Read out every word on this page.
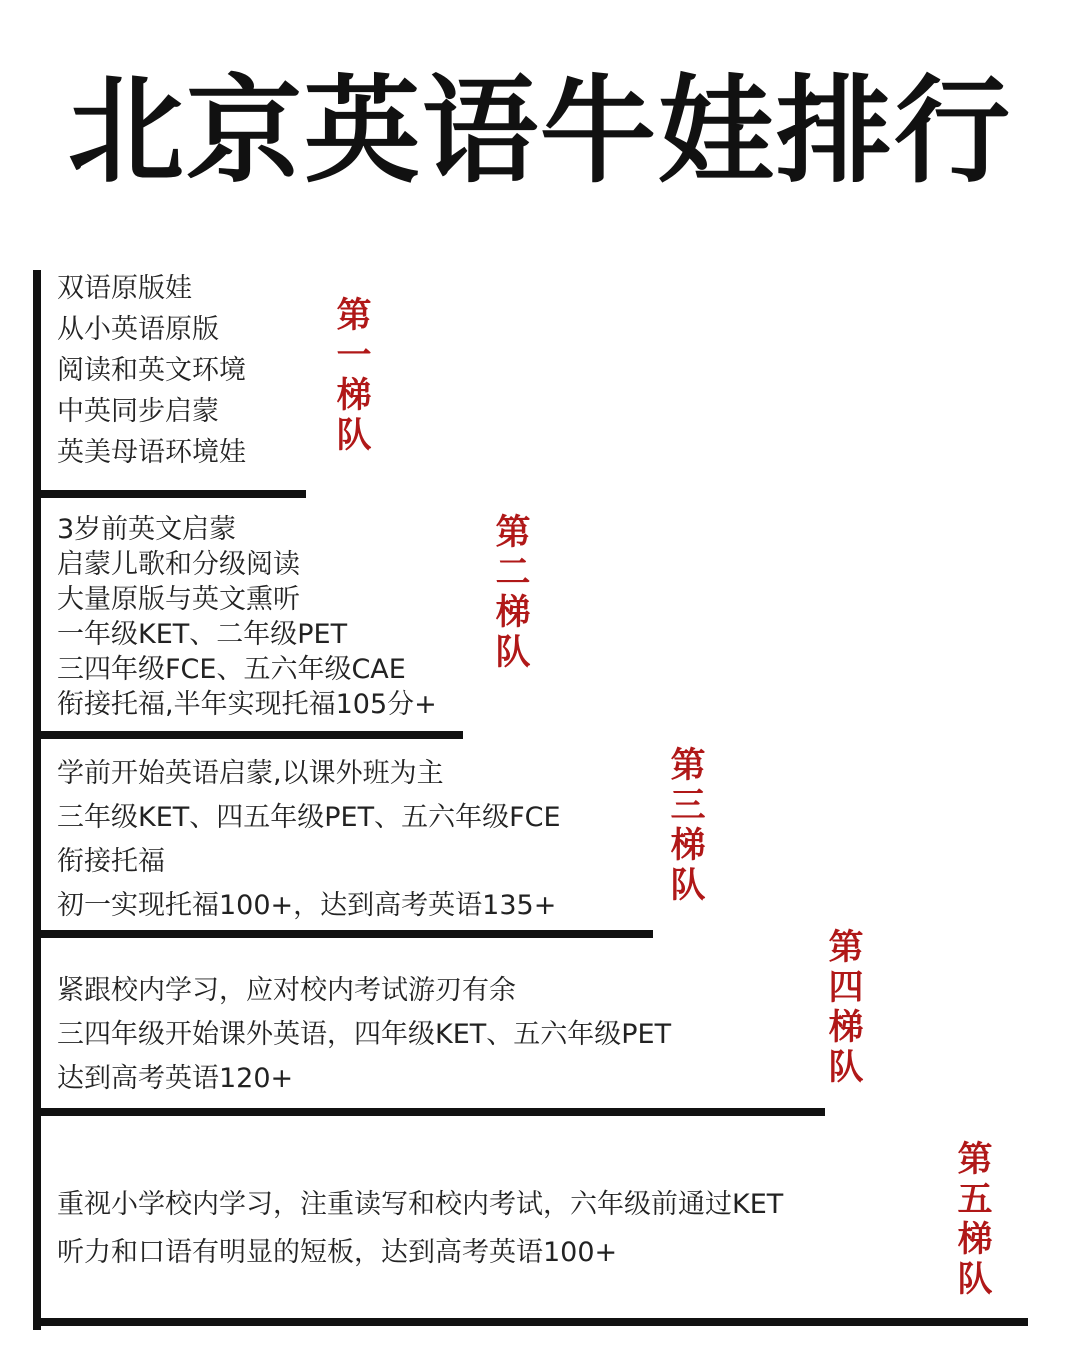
北京英语牛娃排行
双语原版娃
从小英语原版
阅读和英文环境
中英同步启蒙
英美母语环境娃
第
一
梯
队
3岁前英文启蒙
启蒙儿歌和分级阅读
大量原版与英文熏听
一年级KET、二年级PET
三四年级FCE、五六年级CAE
衔接托福,半年实现托福105分+
第
二
梯
队
学前开始英语启蒙,以课外班为主
三年级KET、四五年级PET、五六年级FCE
衔接托福
初一实现托福100+，达到高考英语135+
第
三
梯
队
紧跟校内学习，应对校内考试游刃有余
三四年级开始课外英语，四年级KET、五六年级PET
达到高考英语120+
第
四
梯
队
重视小学校内学习，注重读写和校内考试，六年级前通过KET
听力和口语有明显的短板，达到高考英语100+
第
五
梯
队
